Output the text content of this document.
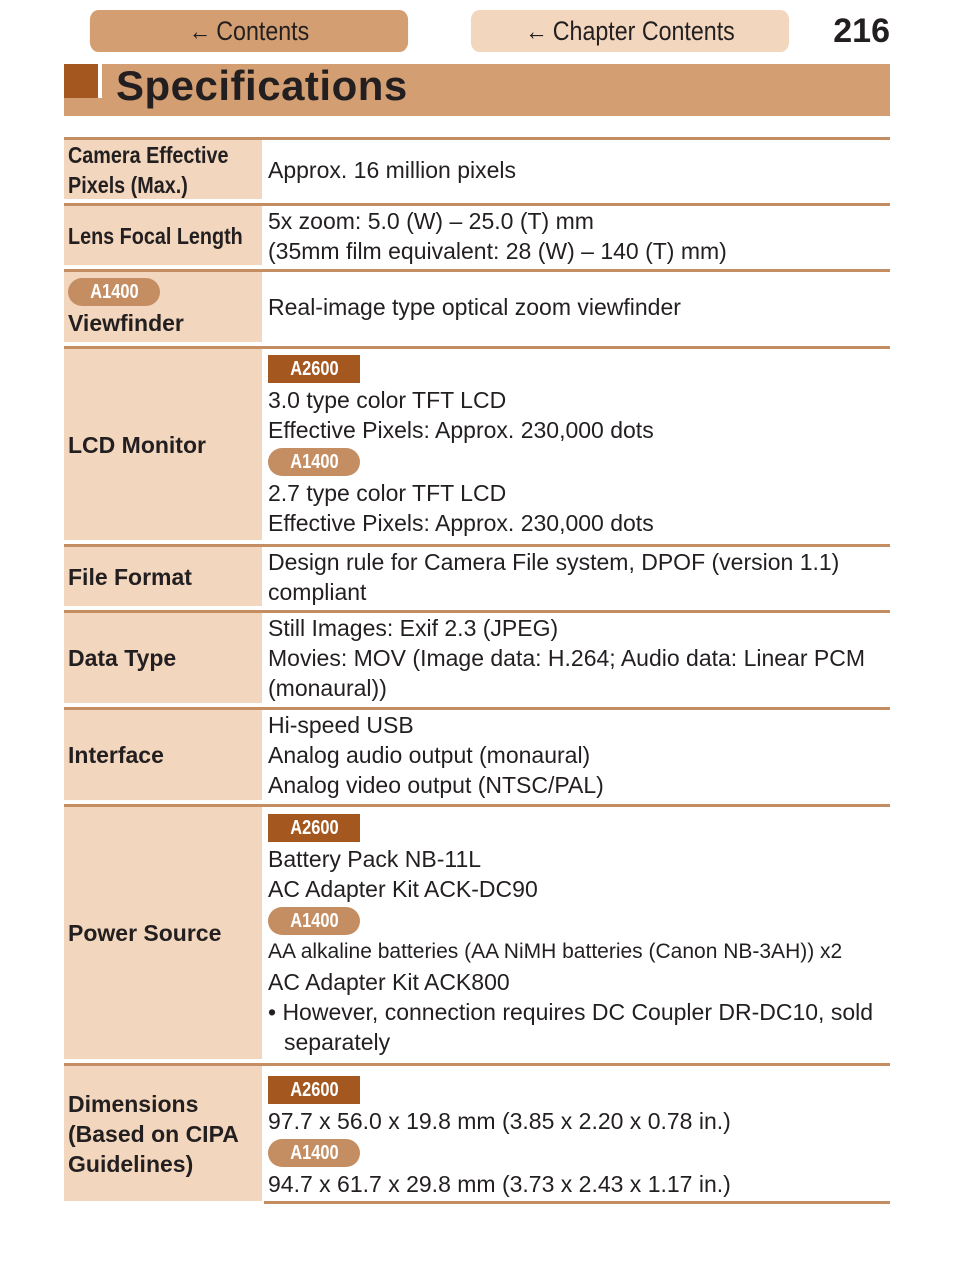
← Contents	← Chapter Contents	216
Specifications
Camera Effective Pixels (Max.)
Approx. 16 million pixels
Lens Focal Length
5x zoom: 5.0 (W) – 25.0 (T) mm
(35mm film equivalent: 28 (W) – 140 (T) mm)
A1400
Viewfinder
Real-image type optical zoom viewfinder
LCD Monitor
A2600
3.0 type color TFT LCD
Effective Pixels: Approx. 230,000 dots
A1400
2.7 type color TFT LCD
Effective Pixels: Approx. 230,000 dots
File Format
Design rule for Camera File system, DPOF (version 1.1) compliant
Data Type
Still Images: Exif 2.3 (JPEG)
Movies: MOV (Image data: H.264; Audio data: Linear PCM (monaural))
Interface
Hi-speed USB
Analog audio output (monaural)
Analog video output (NTSC/PAL)
Power Source
A2600
Battery Pack NB-11L
AC Adapter Kit ACK-DC90
A1400
AA alkaline batteries (AA NiMH batteries (Canon NB-3AH)) x2
AC Adapter Kit ACK800
• However, connection requires DC Coupler DR-DC10, sold separately
Dimensions (Based on CIPA Guidelines)
A2600
97.7 x 56.0 x 19.8 mm (3.85 x 2.20 x 0.78 in.)
A1400
94.7 x 61.7 x 29.8 mm (3.73 x 2.43 x 1.17 in.)
